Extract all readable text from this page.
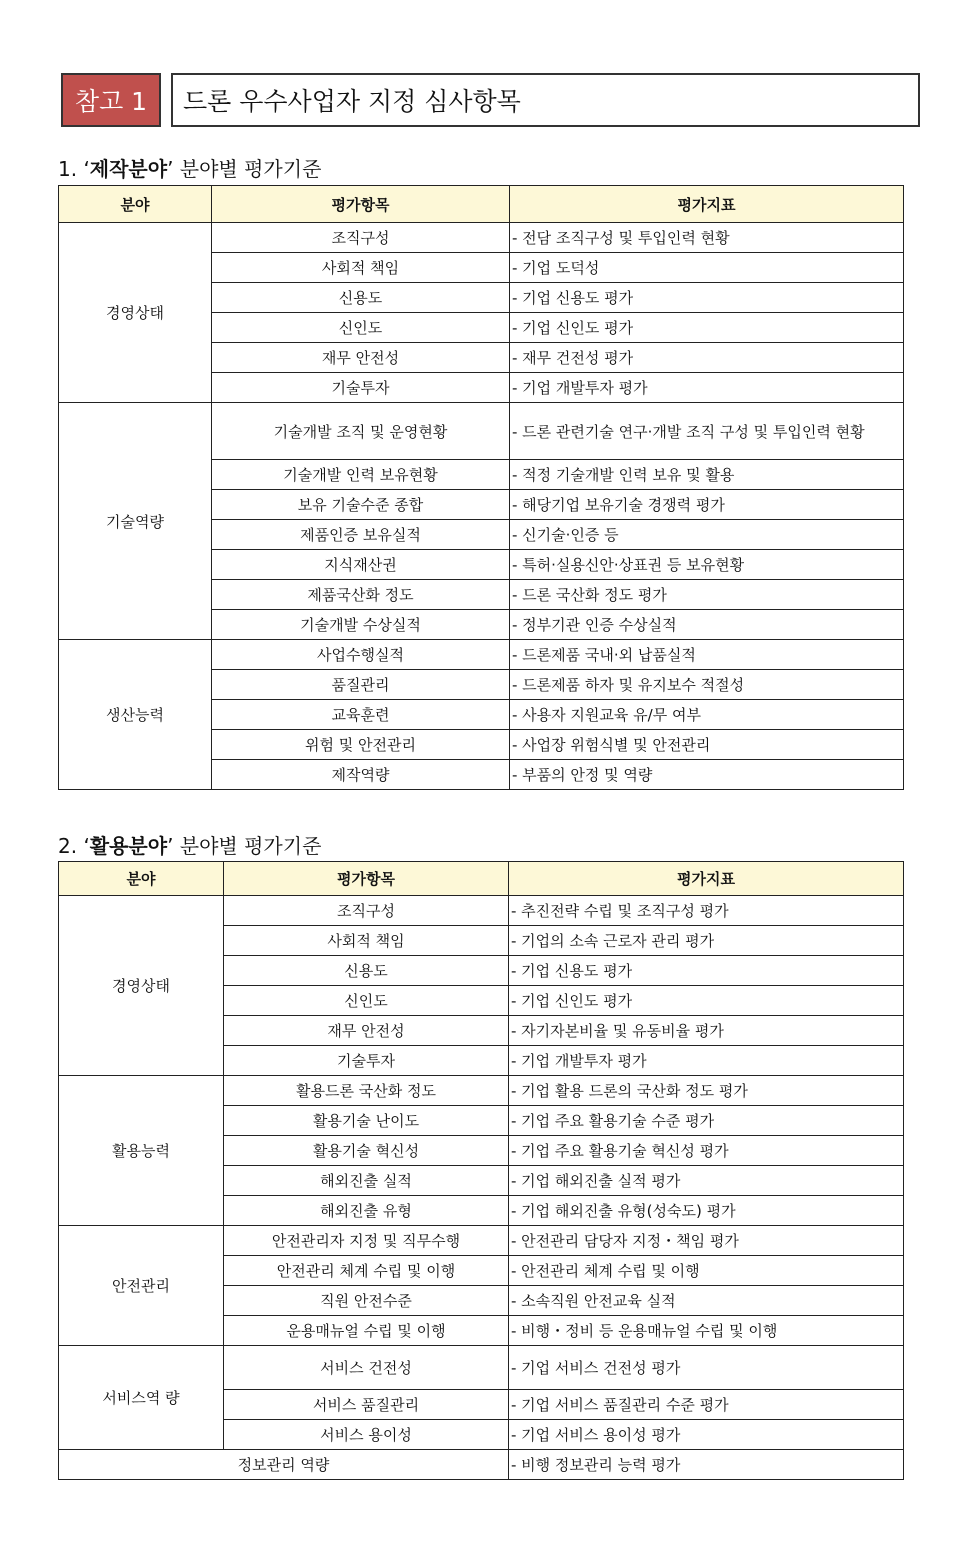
참고 1	드론 우수사업자 지정 심사항목
1. ‘제작분야’ 분야별 평가기준
분야	평가항목	평가지표
경영상태	조직구성	- 전담 조직구성 및 투입인력 현황
	사회적 책임	- 기업 도덕성
	신용도	- 기업 신용도 평가
	신인도	- 기업 신인도 평가
	재무 안전성	- 재무 건전성 평가
	기술투자	- 기업 개발투자 평가
기술역량	기술개발 조직 및 운영현황	- 드론 관련기술 연구·개발 조직 구성 및 투입인력 현황
	기술개발 인력 보유현황	- 적정 기술개발 인력 보유 및 활용
	보유 기술수준 종합	- 해당기업 보유기술 경쟁력 평가
	제품인증 보유실적	- 신기술·인증 등
	지식재산권	- 특허·실용신안·상표권 등 보유현황
	제품국산화 정도	- 드론 국산화 정도 평가
	기술개발 수상실적	- 정부기관 인증 수상실적
생산능력	사업수행실적	- 드론제품 국내·외 납품실적
	품질관리	- 드론제품 하자 및 유지보수 적절성
	교육훈련	- 사용자 지원교육 유/무 여부
	위험 및 안전관리	- 사업장 위험식별 및 안전관리
	제작역량	- 부품의 안정 및 역량
2. ‘활용분야’ 분야별 평가기준
분야	평가항목	평가지표
경영상태	조직구성	- 추진전략 수립 및 조직구성 평가
	사회적 책임	- 기업의 소속 근로자 관리 평가
	신용도	- 기업 신용도 평가
	신인도	- 기업 신인도 평가
	재무 안전성	- 자기자본비율 및 유동비율 평가
	기술투자	- 기업 개발투자 평가
활용능력	활용드론 국산화 정도	- 기업 활용 드론의 국산화 정도 평가
	활용기술 난이도	- 기업 주요 활용기술 수준 평가
	활용기술 혁신성	- 기업 주요 활용기술 혁신성 평가
	해외진출 실적	- 기업 해외진출 실적 평가
	해외진출 유형	- 기업 해외진출 유형(성숙도) 평가
안전관리	안전관리자 지정 및 직무수행	- 안전관리 담당자 지정・책임 평가
	안전관리 체계 수립 및 이행	- 안전관리 체계 수립 및 이행
	직원 안전수준	- 소속직원 안전교육 실적
	운용매뉴얼 수립 및 이행	- 비행・정비 등 운용매뉴얼 수립 및 이행
서비스역 량	서비스 건전성	- 기업 서비스 건전성 평가
	서비스 품질관리	- 기업 서비스 품질관리 수준 평가
	서비스 용이성	- 기업 서비스 용이성 평가
정보관리 역량		- 비행 정보관리 능력 평가
